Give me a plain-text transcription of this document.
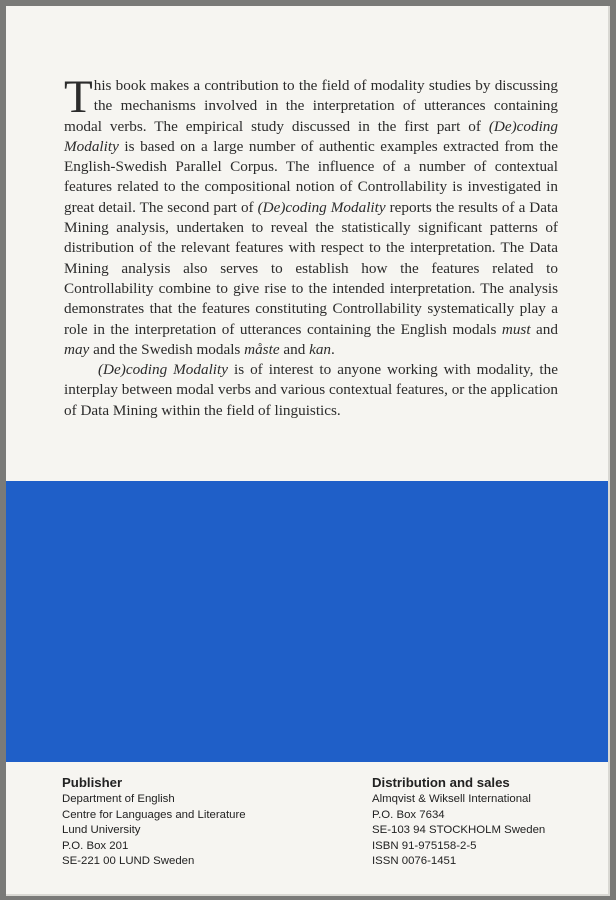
This book makes a contribution to the field of modality studies by discussing the mechanisms involved in the interpretation of utterances containing modal verbs. The empirical study discussed in the first part of (De)coding Modality is based on a large number of authentic examples extracted from the English-Swedish Parallel Corpus. The influence of a number of contextual features related to the compositional notion of Controllability is investigated in great detail. The second part of (De)coding Modality reports the results of a Data Mining analysis, undertaken to reveal the statistically significant patterns of distribution of the relevant features with respect to the interpretation. The Data Mining analysis also serves to establish how the features related to Controllability combine to give rise to the intended interpretation. The analysis demonstrates that the features constituting Controllability systematically play a role in the interpretation of utterances containing the English modals must and may and the Swedish modals måste and kan.

(De)coding Modality is of interest to anyone working with modality, the interplay between modal verbs and various contextual features, or the application of Data Mining within the field of linguistics.

Publisher
Department of English
Centre for Languages and Literature
Lund University
P.O. Box 201
SE-221 00 LUND Sweden
Distribution and sales
Almqvist & Wiksell International
P.O. Box 7634
SE-103 94 STOCKHOLM Sweden
ISBN 91-975158-2-5
ISSN 0076-1451
